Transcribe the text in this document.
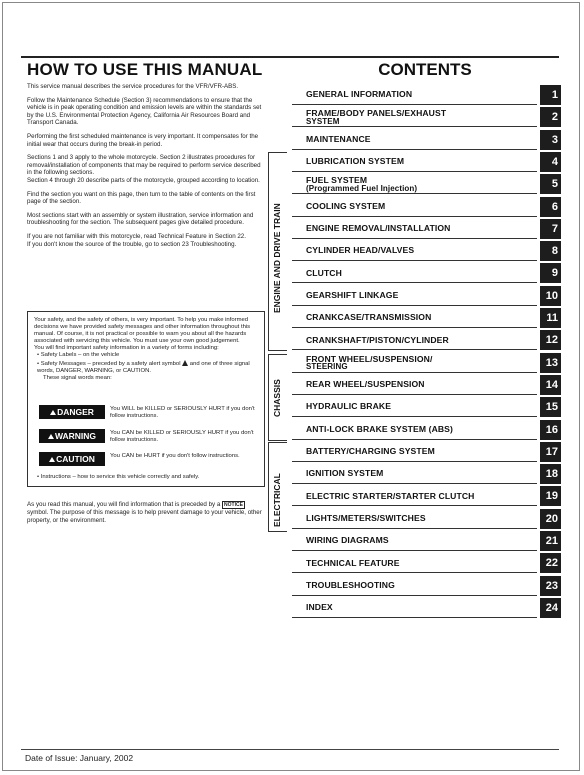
HOW TO USE THIS MANUAL

This service manual describes the service procedures for the VFR/VFR-ABS.

Follow the Maintenance Schedule (Section 3) recommendations to ensure that the vehicle is in peak operating condition and emission levels are within the standards set by the U.S. Environmental Protection Agency, California Air Resources Board and Transport Canada.

Performing the first scheduled maintenance is very important. It compensates for the initial wear that occurs during the break-in period.

Sections 1 and 3 apply to the whole motorcycle. Section 2 illustrates procedures for removal/installation of components that may be required to perform service described in the following sections.

Section 4 through 20 describe parts of the motorcycle, grouped according to location.

Find the section you want on this page, then turn to the table of contents on the first page of the section.

Most sections start with an assembly or system illustration, service information and troubleshooting for the section. The subsequent pages give detailed procedure.

If you are not familiar with this motorcycle, read Technical Feature in Section 22.

If you don't know the source of the trouble, go to section 23 Troubleshooting.

Your safety, and the safety of others, is very important. To help you make informed decisions we have provided safety messages and other information throughout this manual. Of course, it is not practical or possible to warn you about all the hazards associated with servicing this vehicle. You must use your own good judgement.

You will find important safety information in a variety of forms including:

• Safety Labels – on the vehicle

• Safety Messages – preceded by a safety alert symbol and one of three signal words, DANGER, WARNING, or CAUTION.

These signal words mean:

DANGER	You WILL be KILLED or SERIOUSLY HURT if you don't follow instructions.
WARNING	You CAN be KILLED or SERIOUSLY HURT if you don't follow instructions.
CAUTION	You CAN be HURT if you don't follow instructions.

• Instructions – how to service this vehicle correctly and safely.

As you read this manual, you will find information that is preceded by a NOTICE symbol. The purpose of this message is to help prevent damage to your vehicle, other property, or the environment.
CONTENTS
GENERAL INFORMATION	1
FRAME/BODY PANELS/EXHAUST
SYSTEM	2
MAINTENANCE	3
LUBRICATION SYSTEM	4
FUEL SYSTEM
(Programmed Fuel Injection)	5
COOLING SYSTEM	6
ENGINE REMOVAL/INSTALLATION	7
CYLINDER HEAD/VALVES	8
CLUTCH	9
GEARSHIFT LINKAGE	10
CRANKCASE/TRANSMISSION	11
CRANKSHAFT/PISTON/CYLINDER	12
FRONT WHEEL/SUSPENSION/
STEERING	13
REAR WHEEL/SUSPENSION	14
HYDRAULIC BRAKE	15
ANTI-LOCK BRAKE SYSTEM (ABS)	16
BATTERY/CHARGING SYSTEM	17
IGNITION SYSTEM	18
ELECTRIC STARTER/STARTER CLUTCH	19
LIGHTS/METERS/SWITCHES	20
WIRING DIAGRAMS	21
TECHNICAL FEATURE	22
TROUBLESHOOTING	23
INDEX	24
ENGINE AND DRIVE TRAIN
CHASSIS
ELECTRICAL
Date of Issue: January, 2002
